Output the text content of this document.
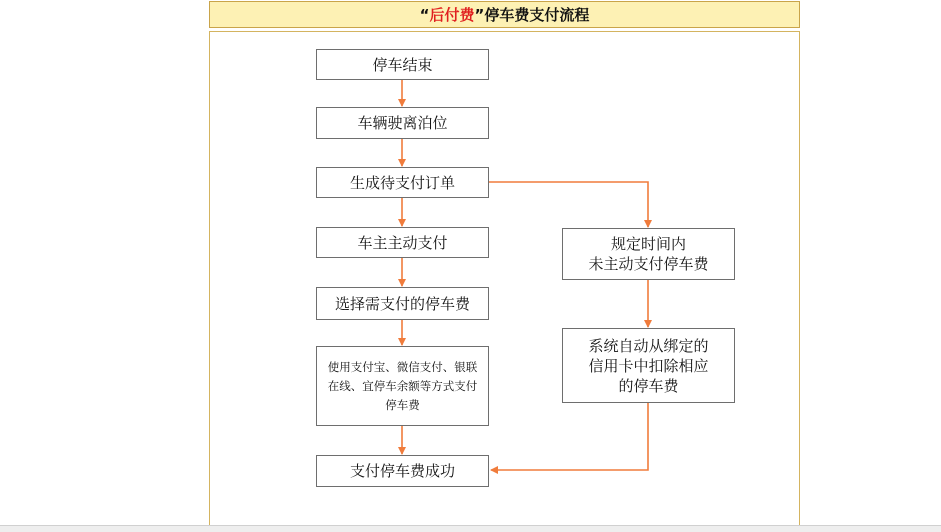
“ 后付费 ” 停车费支付流程
停车结束
车辆驶离泊位
生成待支付订单
车主主动支付
选择需支付的停车费
使用支付宝、微信支付、银联在线、宜停车余额等方式支付停车费
支付停车费成功
规定时间内
未主动支付停车费
系统自动从绑定的
信用卡中扣除相应
的停车费
